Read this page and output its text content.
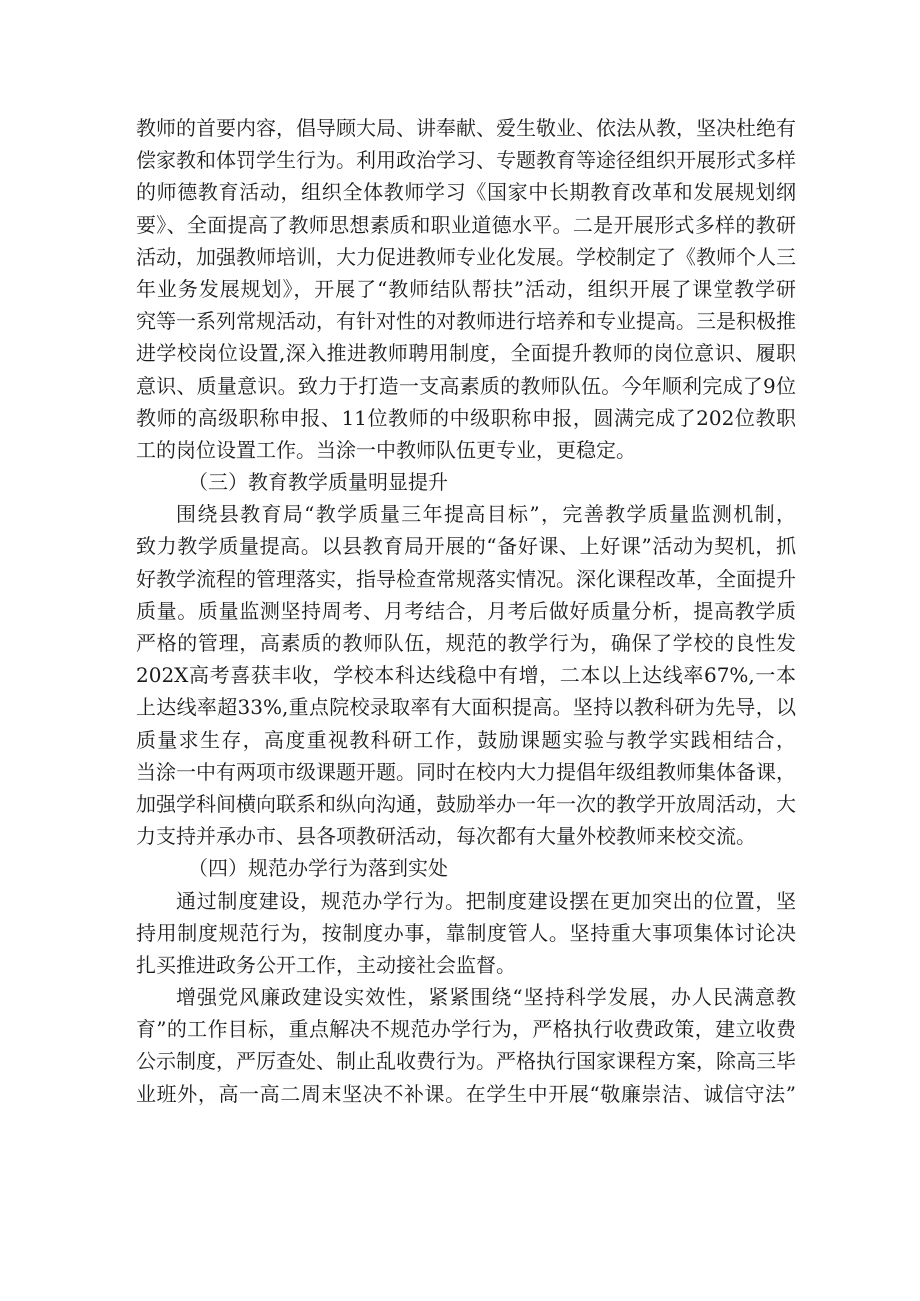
教师的首要内容，倡导顾大局、讲奉献、爱生敬业、依法从教，坚决杜绝有
偿家教和体罚学生行为。利用政治学习、专题教育等途径组织开展形式多样
的师德教育活动，组织全体教师学习《国家中长期教育改革和发展规划纲
要》、全面提高了教师思想素质和职业道德水平。二是开展形式多样的教研
活动，加强教师培训，大力促进教师专业化发展。学校制定了《教师个人三
年业务发展规划》，开展了“教师结队帮扶”活动，组织开展了课堂教学研
究等一系列常规活动，有针对性的对教师进行培养和专业提高。三是积极推
进学校岗位设置,深入推进教师聘用制度，全面提升教师的岗位意识、履职
意识、质量意识。致力于打造一支高素质的教师队伍。今年顺利完成了9位
教师的高级职称申报、11位教师的中级职称申报，圆满完成了202位教职
工的岗位设置工作。当涂一中教师队伍更专业，更稳定。
（三）教育教学质量明显提升
围绕县教育局“教学质量三年提高目标”，完善教学质量监测机制，
致力教学质量提高。以县教育局开展的“备好课、上好课”活动为契机，抓
好教学流程的管理落实，指导检查常规落实情况。深化课程改革，全面提升
质量。质量监测坚持周考、月考结合，月考后做好质量分析，提高教学质
严格的管理，高素质的教师队伍，规范的教学行为，确保了学校的良性发
202X高考喜获丰收，学校本科达线稳中有增，二本以上达线率67%,一本
上达线率超33%,重点院校录取率有大面积提高。坚持以教科研为先导，以
质量求生存，高度重视教科研工作，鼓励课题实验与教学实践相结合，
当涂一中有两项市级课题开题。同时在校内大力提倡年级组教师集体备课，
加强学科间横向联系和纵向沟通，鼓励举办一年一次的教学开放周活动，大
力支持并承办市、县各项教研活动，每次都有大量外校教师来校交流。
（四）规范办学行为落到实处
通过制度建设，规范办学行为。把制度建设摆在更加突出的位置，坚
持用制度规范行为，按制度办事，靠制度管人。坚持重大事项集体讨论决
扎买推进政务公开工作，主动接社会监督。
增强党风廉政建设实效性，紧紧围绕“坚持科学发展，办人民满意教
育”的工作目标，重点解决不规范办学行为，严格执行收费政策，建立收费
公示制度，严厉查处、制止乱收费行为。严格执行国家课程方案，除高三毕
业班外，高一高二周末坚决不补课。在学生中开展“敬廉崇洁、诚信守法”
